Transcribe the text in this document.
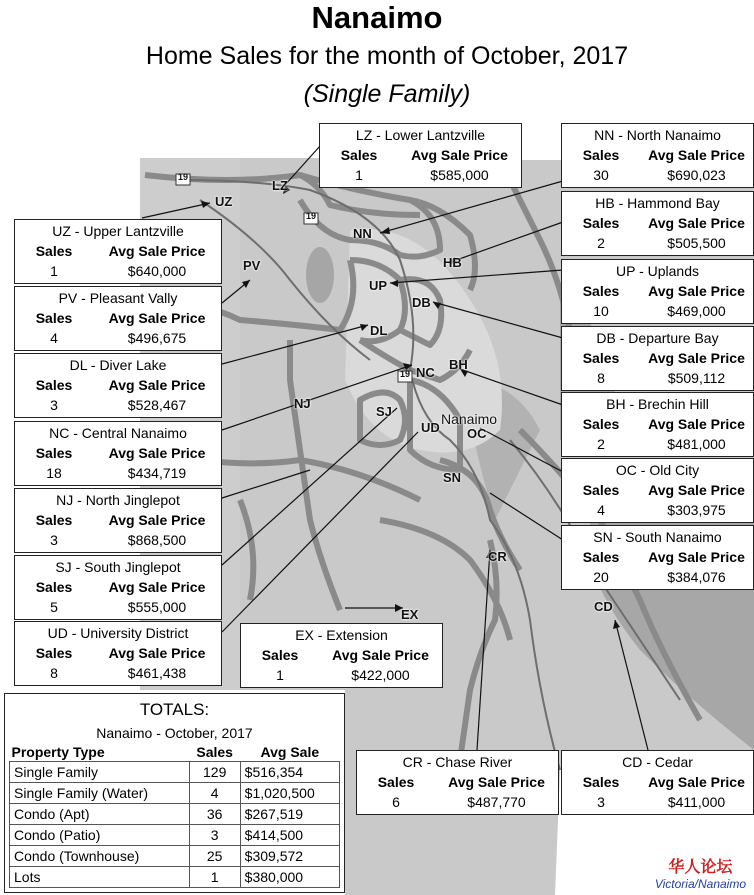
19
19
19
Nanaimo
Home Sales for the month of October, 2017
(Single Family)
UZ
LZ
NN
HB
PV
UP
DB
DL
BH
NC
NJ
SJ
UD
Nanaimo
OC
SN
CR
EX
CD
LZ - Lower Lantzville
Sales	Avg Sale Price
1	$585,000
NN - North Nanaimo
Sales	Avg Sale Price
30	$690,023
HB - Hammond Bay
Sales	Avg Sale Price
2	$505,500
UP - Uplands
Sales	Avg Sale Price
10	$469,000
DB - Departure Bay
Sales	Avg Sale Price
8	$509,112
BH - Brechin Hill
Sales	Avg Sale Price
2	$481,000
OC - Old City
Sales	Avg Sale Price
4	$303,975
SN - South Nanaimo
Sales	Avg Sale Price
20	$384,076
UZ - Upper Lantzville
Sales	Avg Sale Price
1	$640,000
PV - Pleasant Vally
Sales	Avg Sale Price
4	$496,675
DL - Diver Lake
Sales	Avg Sale Price
3	$528,467
NC - Central Nanaimo
Sales	Avg Sale Price
18	$434,719
NJ - North Jinglepot
Sales	Avg Sale Price
3	$868,500
SJ - South Jinglepot
Sales	Avg Sale Price
5	$555,000
UD - University District
Sales	Avg Sale Price
8	$461,438
EX - Extension
Sales	Avg Sale Price
1	$422,000
CR - Chase River
Sales	Avg Sale Price
6	$487,770
CD - Cedar
Sales	Avg Sale Price
3	$411,000
TOTALS:
Nanaimo - October, 2017
Property Type	Sales	Avg Sale
Single Family	129	$516,354
Single Family (Water)	4	$1,020,500
Condo (Apt)	36	$267,519
Condo (Patio)	3	$414,500
Condo (Townhouse)	25	$309,572
Lots	1	$380,000
华人论坛
Victoria/Nanaimo
